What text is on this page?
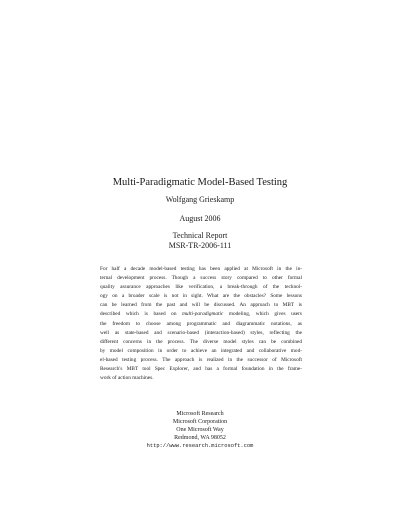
Multi-Paradigmatic Model-Based Testing
Wolfgang Grieskamp
August 2006
Technical Report
MSR-TR-2006-111
For half a decade model-based testing has been applied at Microsoft in the in-
ternal development process. Though a success story compared to other formal
quality assurance approaches like verification, a break-through of the technol-
ogy on a broader scale is not in sight. What are the obstacles? Some lessons
can be learned from the past and will be discussed. An approach to MBT is
described which is based on multi-paradigmatic modeling, which gives users
the freedom to choose among programmatic and diagrammatic notations, as
well as state-based and scenario-based (interaction-based) styles, reflecting the
different concerns in the process. The diverse model styles can be combined
by model composition in order to achieve an integrated and collaborative mod-
el-based testing process. The approach is realized in the successor of Microsoft
Research's MBT tool Spec Explorer, and has a formal foundation in the frame-
work of action machines.
Microsoft Research
Microsoft Corporation
One Microsoft Way
Redmond, WA 98052
http://www.research.microsoft.com
